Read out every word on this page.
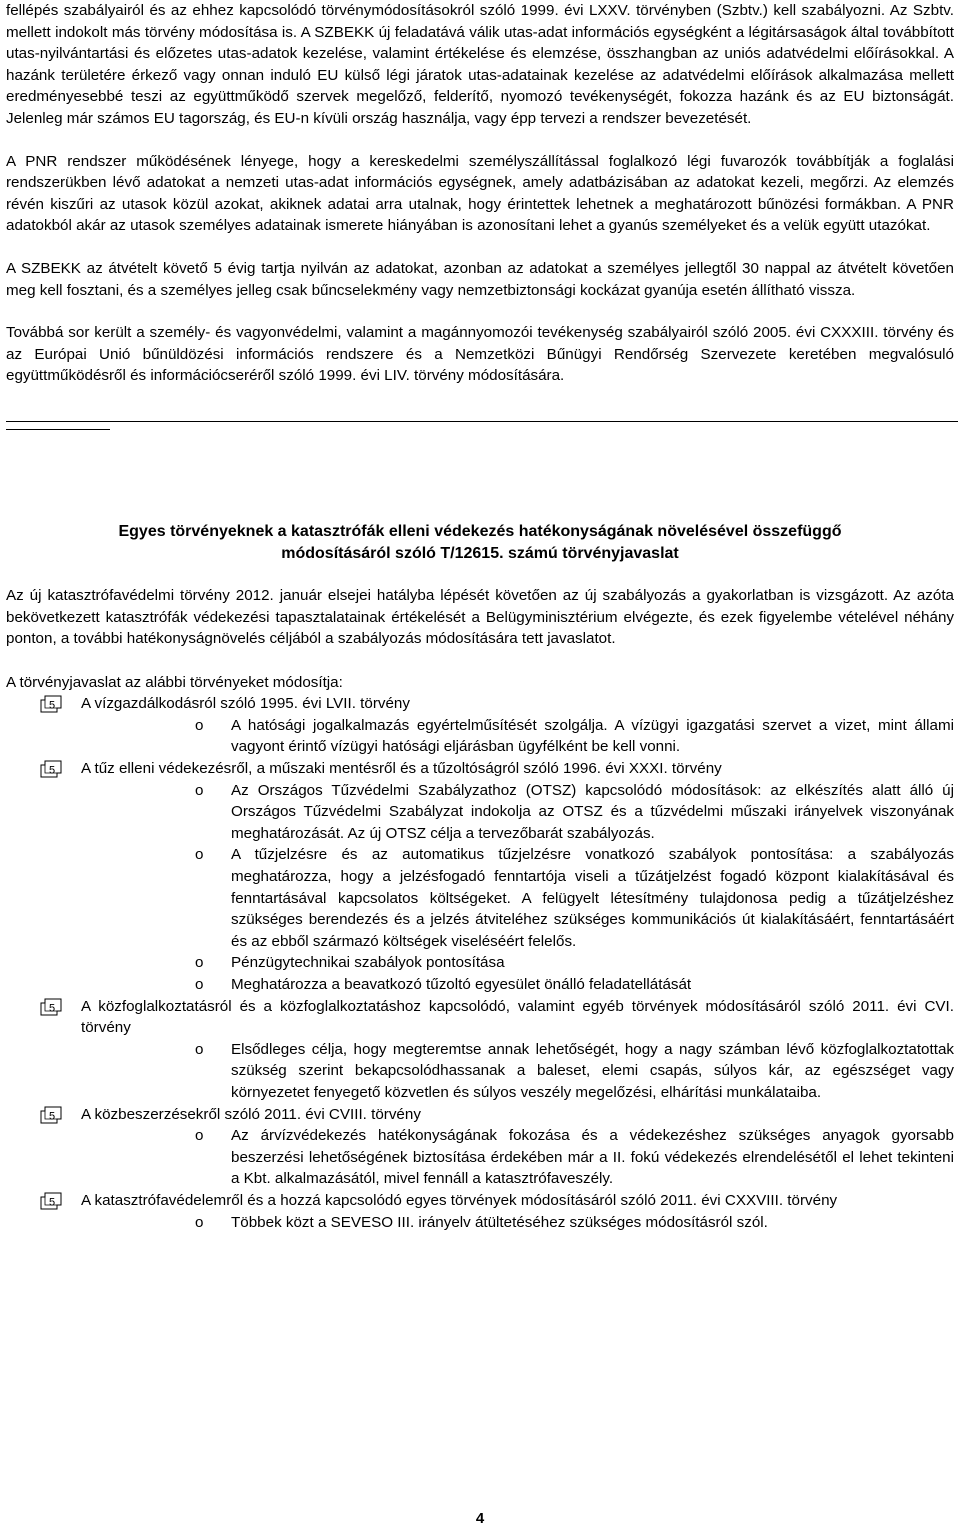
fellépés szabályairól és az ehhez kapcsolódó törvénymódosításokról szóló 1999. évi LXXV. törvényben (Szbtv.) kell szabályozni. Az Szbtv. mellett indokolt más törvény módosítása is. A SZBEKK új feladatává válik utas-adat információs egységként a légitársaságok által továbbított utas-nyilvántartási és előzetes utas-adatok kezelése, valamint értékelése és elemzése, összhangban az uniós adatvédelmi előírásokkal. A hazánk területére érkező vagy onnan induló EU külső légi járatok utas-adatainak kezelése az adatvédelmi előírások alkalmazása mellett eredményesebbé teszi az együttműködő szervek megelőző, felderítő, nyomozó tevékenységét, fokozza hazánk és az EU biztonságát. Jelenleg már számos EU tagország, és EU-n kívüli ország használja, vagy épp tervezi a rendszer bevezetését.

A PNR rendszer működésének lényege, hogy a kereskedelmi személyszállítással foglalkozó légi fuvarozók továbbítják a foglalási rendszerükben lévő adatokat a nemzeti utas-adat információs egységnek, amely adatbázisában az adatokat kezeli, megőrzi. Az elemzés révén kiszűri az utasok közül azokat, akiknek adatai arra utalnak, hogy érintettek lehetnek a meghatározott bűnözési formákban. A PNR adatokból akár az utasok személyes adatainak ismerete hiányában is azonosítani lehet a gyanús személyeket és a velük együtt utazókat.

A SZBEKK az átvételt követő 5 évig tartja nyilván az adatokat, azonban az adatokat a személyes jellegtől 30 nappal az átvételt követően meg kell fosztani, és a személyes jelleg csak bűncselekmény vagy nemzetbiztonsági kockázat gyanúja esetén állítható vissza.

Továbbá sor került a személy- és vagyonvédelmi, valamint a magánnyomozói tevékenység szabályairól szóló 2005. évi CXXXIII. törvény és az Európai Unió bűnüldözési információs rendszere és a Nemzetközi Bűnügyi Rendőrség Szervezete keretében megvalósuló együttműködésről és információcseréről szóló 1999. évi LIV. törvény módosítására.

Egyes törvényeknek a katasztrófák elleni védekezés hatékonyságának növelésével összefüggő
módosításáról szóló T/12615. számú törvényjavaslat

Az új katasztrófavédelmi törvény 2012. január elsejei hatályba lépését követően az új szabályozás a gyakorlatban is vizsgázott. Az azóta bekövetkezett katasztrófák védekezési tapasztalatainak értékelését a Belügyminisztérium elvégezte, és ezek figyelembe vételével néhány ponton, a további hatékonyságnövelés céljából a szabályozás módosítására tett javaslatot.

A törvényjavaslat az alábbi törvényeket módosítja:

5 A vízgazdálkodásról szóló 1995. évi LVII. törvény
o A hatósági jogalkalmazás egyértelműsítését szolgálja. A vízügyi igazgatási szervet a vizet, mint állami vagyont érintő vízügyi hatósági eljárásban ügyfélként be kell vonni.
5 A tűz elleni védekezésről, a műszaki mentésről és a tűzoltóságról szóló 1996. évi XXXI. törvény
o Az Országos Tűzvédelmi Szabályzathoz (OTSZ) kapcsolódó módosítások: az elkészítés alatt álló új Országos Tűzvédelmi Szabályzat indokolja az OTSZ és a tűzvédelmi műszaki irányelvek viszonyának meghatározását. Az új OTSZ célja a tervezőbarát szabályozás.
o A tűzjelzésre és az automatikus tűzjelzésre vonatkozó szabályok pontosítása: a szabályozás meghatározza, hogy a jelzésfogadó fenntartója viseli a tűzátjelzést fogadó központ kialakításával és fenntartásával kapcsolatos költségeket. A felügyelt létesítmény tulajdonosa pedig a tűzátjelzéshez szükséges berendezés és a jelzés átviteléhez szükséges kommunikációs út kialakításáért, fenntartásáért és az ebből származó költségek viseléséért felelős.
o Pénzügytechnikai szabályok pontosítása
o Meghatározza a beavatkozó tűzoltó egyesület önálló feladatellátását
5 A közfoglalkoztatásról és a közfoglalkoztatáshoz kapcsolódó, valamint egyéb törvények módosításáról szóló 2011. évi CVI. törvény
o Elsődleges célja, hogy megteremtse annak lehetőségét, hogy a nagy számban lévő közfoglalkoztatottak szükség szerint bekapcsolódhassanak a baleset, elemi csapás, súlyos kár, az egészséget vagy környezetet fenyegető közvetlen és súlyos veszély megelőzési, elhárítási munkálataiba.
5 A közbeszerzésekről szóló 2011. évi CVIII. törvény
o Az árvízvédekezés hatékonyságának fokozása és a védekezéshez szükséges anyagok gyorsabb beszerzési lehetőségének biztosítása érdekében már a II. fokú védekezés elrendelésétől el lehet tekinteni a Kbt. alkalmazásától, mivel fennáll a katasztrófaveszély.
5 A katasztrófavédelemről és a hozzá kapcsolódó egyes törvények módosításáról szóló 2011. évi CXXVIII. törvény
o Többek közt a SEVESO III. irányelv átültetéséhez szükséges módosításról szól.
4
